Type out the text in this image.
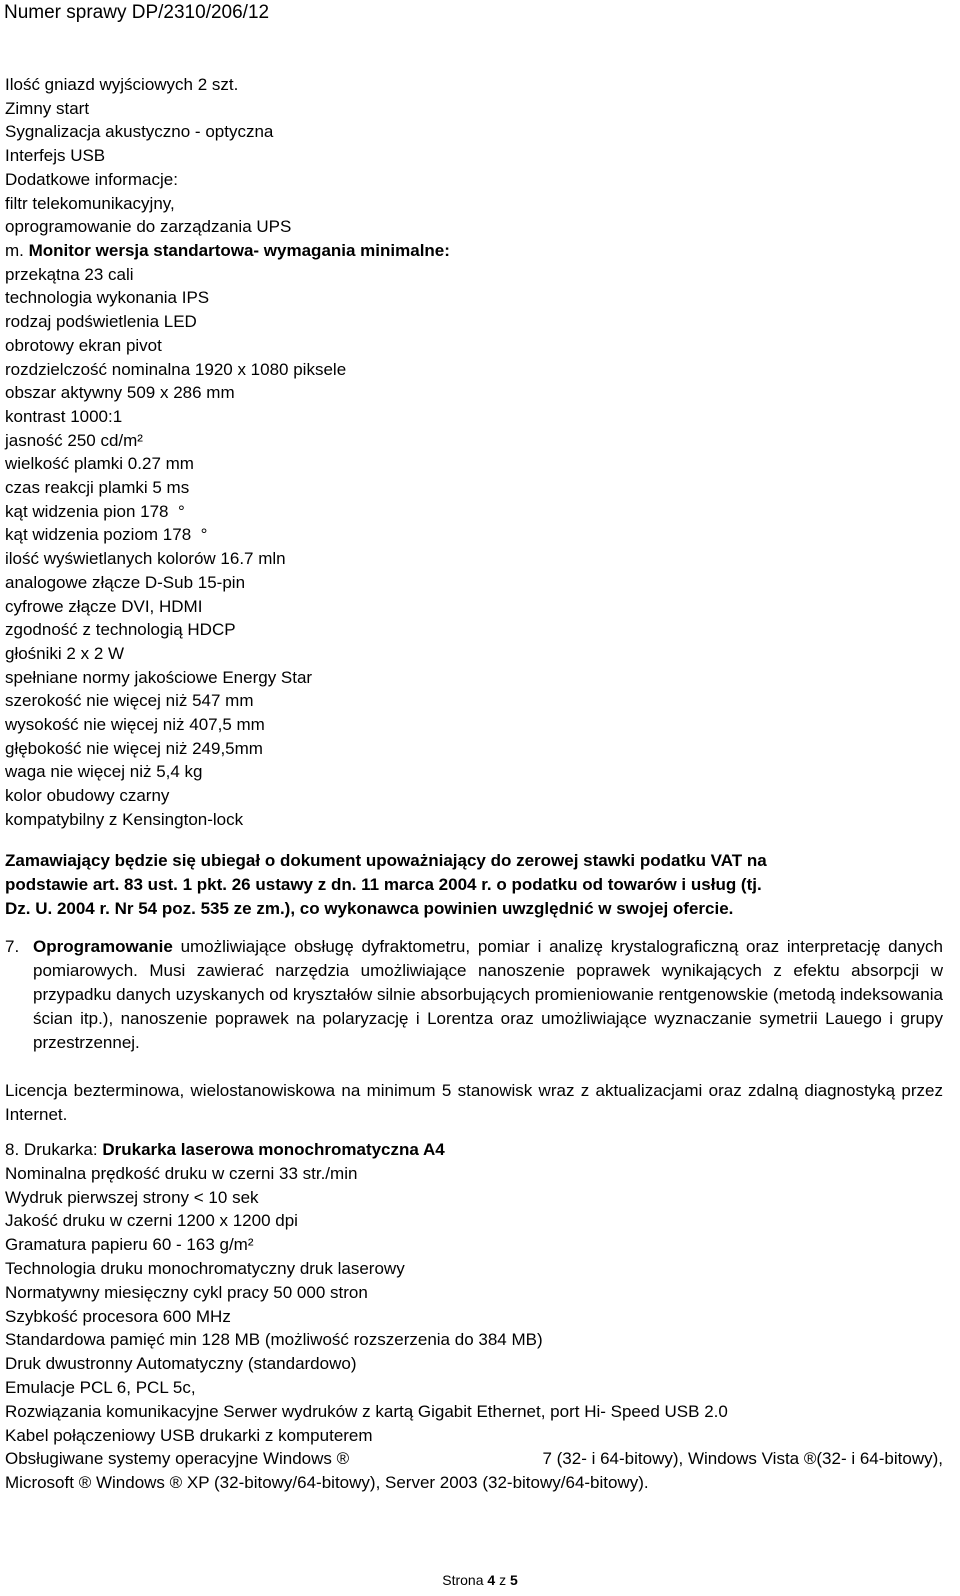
Numer sprawy DP/2310/206/12
Ilość gniazd wyjściowych 2 szt.
Zimny start
Sygnalizacja akustyczno - optyczna
Interfejs USB
Dodatkowe informacje:
filtr telekomunikacyjny,
oprogramowanie do zarządzania UPS
m. Monitor wersja standartowa- wymagania minimalne:
przekątna 23 cali
technologia wykonania IPS
rodzaj podświetlenia LED
obrotowy ekran pivot
rozdzielczość nominalna 1920 x 1080 piksele
obszar aktywny 509 x 286 mm
kontrast 1000:1
jasność 250 cd/m²
wielkość plamki 0.27 mm
czas reakcji plamki 5 ms
kąt widzenia pion 178 °
kąt widzenia poziom 178 °
ilość wyświetlanych kolorów 16.7 mln
analogowe złącze D-Sub 15-pin
cyfrowe złącze DVI, HDMI
zgodność z technologią HDCP
głośniki 2 x 2 W
spełniane normy jakościowe Energy Star
szerokość nie więcej niż 547 mm
wysokość nie więcej niż 407,5 mm
głębokość nie więcej niż 249,5mm
waga nie więcej niż 5,4 kg
kolor obudowy czarny
kompatybilny z Kensington-lock
Zamawiający będzie się ubiegał o dokument upoważniający do zerowej stawki podatku VAT na
podstawie art. 83 ust. 1 pkt. 26 ustawy z dn. 11 marca 2004 r. o podatku od towarów i usług (tj.
Dz. U. 2004 r. Nr 54 poz. 535 ze zm.), co wykonawca powinien uwzględnić w swojej ofercie.
7. Oprogramowanie umożliwiające obsługę dyfraktometru, pomiar i analizę krystalograficzną oraz interpretację danych pomiarowych. Musi zawierać narzędzia umożliwiające nanoszenie poprawek wynikających z efektu absorpcji w przypadku danych uzyskanych od kryształów silnie absorbujących promieniowanie rentgenowskie (metodą indeksowania ścian itp.), nanoszenie poprawek na polaryzację i Lorentza oraz umożliwiające wyznaczanie symetrii Lauego i grupy przestrzennej.
Licencja bezterminowa, wielostanowiskowa na minimum 5 stanowisk wraz z aktualizacjami oraz zdalną diagnostyką przez Internet.
8. Drukarka: Drukarka laserowa monochromatyczna A4
Nominalna prędkość druku w czerni 33 str./min
Wydruk pierwszej strony < 10 sek
Jakość druku w czerni 1200 x 1200 dpi
Gramatura papieru 60 - 163 g/m²
Technologia druku monochromatyczny druk laserowy
Normatywny miesięczny cykl pracy 50 000 stron
Szybkość procesora 600 MHz
Standardowa pamięć min 128 MB (możliwość rozszerzenia do 384 MB)
Druk dwustronny Automatyczny (standardowo)
Emulacje PCL 6, PCL 5c,
Rozwiązania komunikacyjne Serwer wydruków z kartą Gigabit Ethernet, port Hi- Speed USB 2.0
Kabel połączeniowy USB drukarki z komputerem
Obsługiwane systemy operacyjne Windows ®	7 (32- i 64-bitowy), Windows Vista ®(32- i 64-bitowy),
Microsoft ® Windows ® XP (32-bitowy/64-bitowy), Server 2003 (32-bitowy/64-bitowy).
Strona 4 z 5
